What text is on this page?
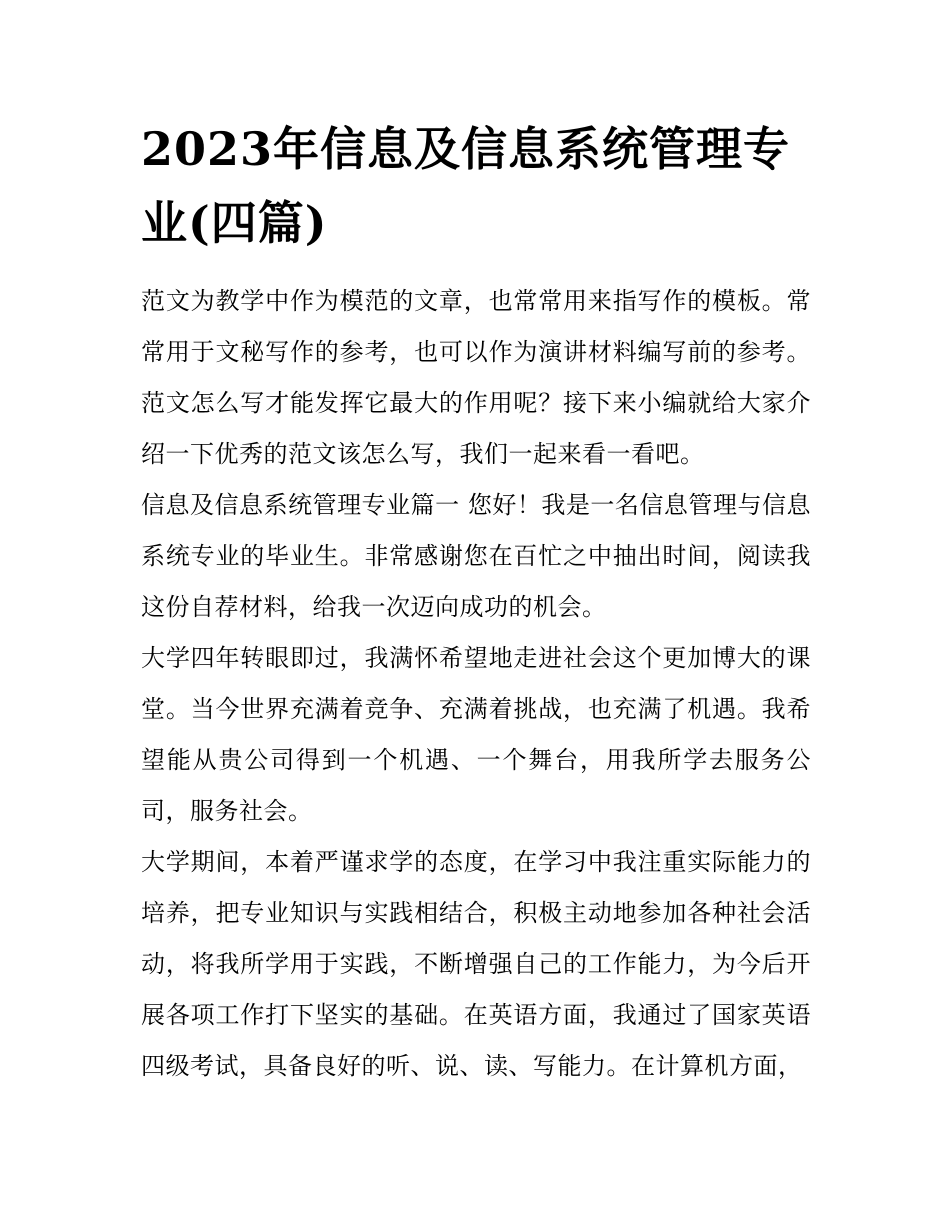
2023年信息及信息系统管理专业(四篇)

范文为教学中作为模范的文章，也常常用来指写作的模板。常常用于文秘写作的参考，也可以作为演讲材料编写前的参考。范文怎么写才能发挥它最大的作用呢？接下来小编就给大家介绍一下优秀的范文该怎么写，我们一起来看一看吧。

信息及信息系统管理专业篇一 您好！我是一名信息管理与信息系统专业的毕业生。非常感谢您在百忙之中抽出时间，阅读我这份自荐材料，给我一次迈向成功的机会。

大学四年转眼即过，我满怀希望地走进社会这个更加博大的课堂。当今世界充满着竞争、充满着挑战，也充满了机遇。我希望能从贵公司得到一个机遇、一个舞台，用我所学去服务公司，服务社会。

大学期间，本着严谨求学的态度，在学习中我注重实际能力的培养，把专业知识与实践相结合，积极主动地参加各种社会活动，将我所学用于实践，不断增强自己的工作能力，为今后开展各项工作打下坚实的基础。在英语方面，我通过了国家英语四级考试，具备良好的听、说、读、写能力。在计算机方面，
